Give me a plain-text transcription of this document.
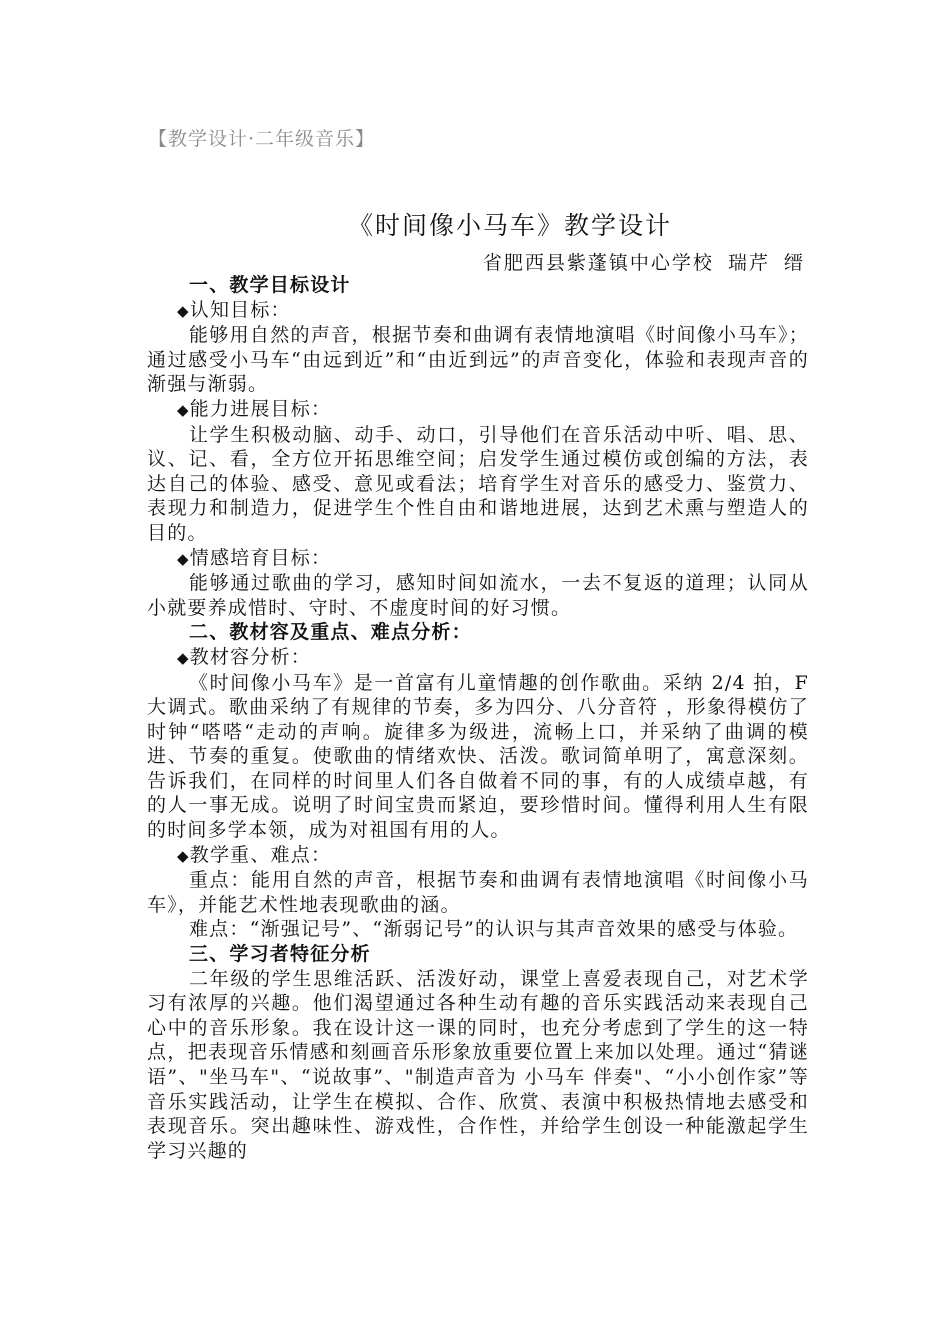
【教学设计·二年级音乐】
《时间像小马车》教学设计
省肥西县紫蓬镇中心学校 瑞芹 缙

一、教学目标设计

◆认知目标：

能够用自然的声音，根据节奏和曲调有表情地演唱《时间像小马车》；通过感受小马车“由远到近”和“由近到远”的声音变化，体验和表现声音的渐强与渐弱。

◆能力进展目标：

让学生积极动脑、动手、动口，引导他们在音乐活动中听、唱、思、议、记、看，全方位开拓思维空间；启发学生通过模仿或创编的方法，表达自己的体验、感受、意见或看法；培育学生对音乐的感受力、鉴赏力、表现力和制造力，促进学生个性自由和谐地进展，达到艺术熏与塑造人的目的。

◆情感培育目标：

能够通过歌曲的学习，感知时间如流水，一去不复返的道理；认同从小就要养成惜时、守时、不虚度时间的好习惯。

二、教材容及重点、难点分析：

◆教材容分析：

《时间像小马车》是一首富有儿童情趣的创作歌曲。采纳 2/4 拍，F 大调式。歌曲采纳了有规律的节奏，多为四分、八分音符 ，形象得模仿了时钟“嗒嗒“走动的声响。旋律多为级进，流畅上口，并采纳了曲调的模进、节奏的重复。使歌曲的情绪欢快、活泼。歌词简单明了，寓意深刻。告诉我们，在同样的时间里人们各自做着不同的事，有的人成绩卓越，有的人一事无成。说明了时间宝贵而紧迫，要珍惜时间。懂得利用人生有限的时间多学本领，成为对祖国有用的人。

◆教学重、难点：

重点：能用自然的声音，根据节奏和曲调有表情地演唱《时间像小马车》，并能艺术性地表现歌曲的涵。

难点：“渐强记号”、“渐弱记号”的认识与其声音效果的感受与体验。

三、学习者特征分析

二年级的学生思维活跃、活泼好动，课堂上喜爱表现自己，对艺术学习有浓厚的兴趣。他们渴望通过各种生动有趣的音乐实践活动来表现自己心中的音乐形象。我在设计这一课的同时，也充分考虑到了学生的这一特点，把表现音乐情感和刻画音乐形象放重要位置上来加以处理。通过“猜谜语”、"坐马车"、“说故事”、"制造声音为 小马车 伴奏"、“小小创作家”等音乐实践活动，让学生在模拟、合作、欣赏、表演中积极热情地去感受和表现音乐。突出趣味性、游戏性，合作性，并给学生创设一种能激起学生学习兴趣的
